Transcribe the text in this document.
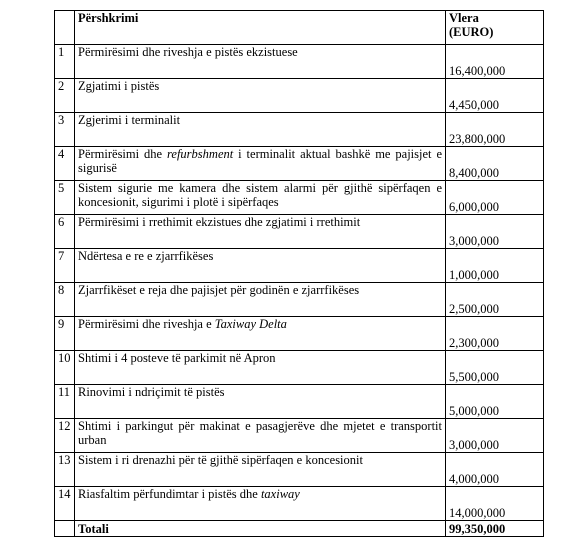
	Përshkrimi	Vlera
(EURO)

1	Përmirësimi dhe riveshja e pistës ekzistuese	16,400,000
2	Zgjatimi i pistës	4,450,000
3	Zgjerimi i terminalit	23,800,000
4	Përmirësimi dhe refurbshment i terminalit aktual bashkë me pajisjet e sigurisë	8,400,000
5	Sistem sigurie me kamera dhe sistem alarmi për gjithë sipërfaqen e koncesionit, sigurimi i plotë i sipërfaqes	6,000,000
6	Përmirësimi i rrethimit ekzistues dhe zgjatimi i rrethimit	3,000,000
7	Ndërtesa e re e zjarrfikëses	1,000,000
8	Zjarrfikëset e reja dhe pajisjet për godinën e zjarrfikëses	2,500,000
9	Përmirësimi dhe riveshja e Taxiway Delta	2,300,000
10	Shtimi i 4 posteve të parkimit në Apron	5,500,000
11	Rinovimi i ndriçimit të pistës	5,000,000
12	Shtimi i parkingut për makinat e pasagjerëve dhe mjetet e transportit urban	3,000,000
13	Sistem i ri drenazhi për të gjithë sipërfaqen e koncesionit	4,000,000
14	Riasfaltim përfundimtar i pistës dhe taxiway	14,000,000
	Totali	99,350,000
